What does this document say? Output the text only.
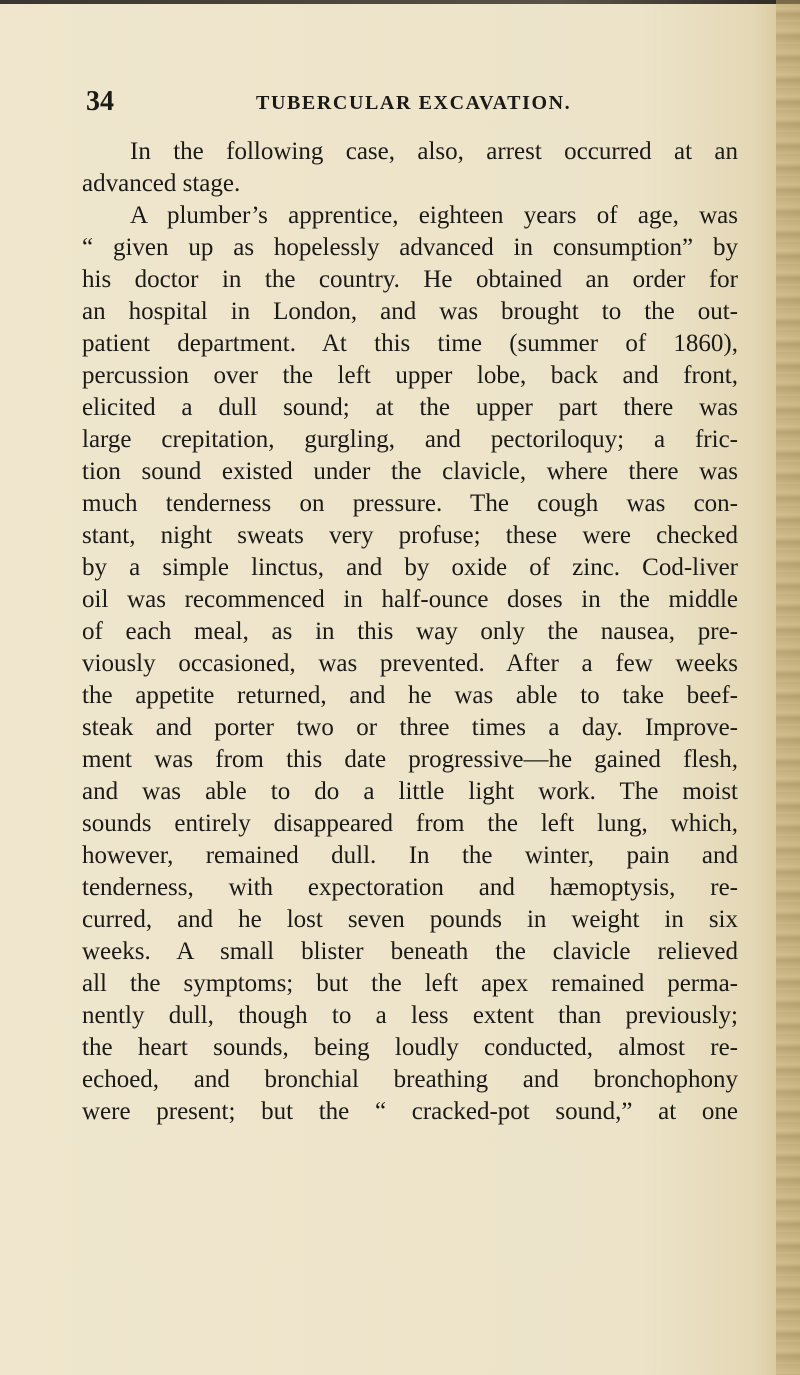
34	TUBERCULAR EXCAVATION.
In the following case, also, arrest occurred at an
advanced stage.
A plumber’s apprentice, eighteen years of age, was
“ given up as hopelessly advanced in consumption” by
his doctor in the country. He obtained an order for
an hospital in London, and was brought to the out-
patient department. At this time (summer of 1860),
percussion over the left upper lobe, back and front,
elicited a dull sound; at the upper part there was
large crepitation, gurgling, and pectoriloquy; a fric-
tion sound existed under the clavicle, where there was
much tenderness on pressure. The cough was con-
stant, night sweats very profuse; these were checked
by a simple linctus, and by oxide of zinc. Cod-liver
oil was recommenced in half-ounce doses in the middle
of each meal, as in this way only the nausea, pre-
viously occasioned, was prevented. After a few weeks
the appetite returned, and he was able to take beef-
steak and porter two or three times a day. Improve-
ment was from this date progressive—he gained flesh,
and was able to do a little light work. The moist
sounds entirely disappeared from the left lung, which,
however, remained dull. In the winter, pain and
tenderness, with expectoration and hæmoptysis, re-
curred, and he lost seven pounds in weight in six
weeks. A small blister beneath the clavicle relieved
all the symptoms; but the left apex remained perma-
nently dull, though to a less extent than previously;
the heart sounds, being loudly conducted, almost re-
echoed, and bronchial breathing and bronchophony
were present; but the “ cracked-pot sound,” at one
